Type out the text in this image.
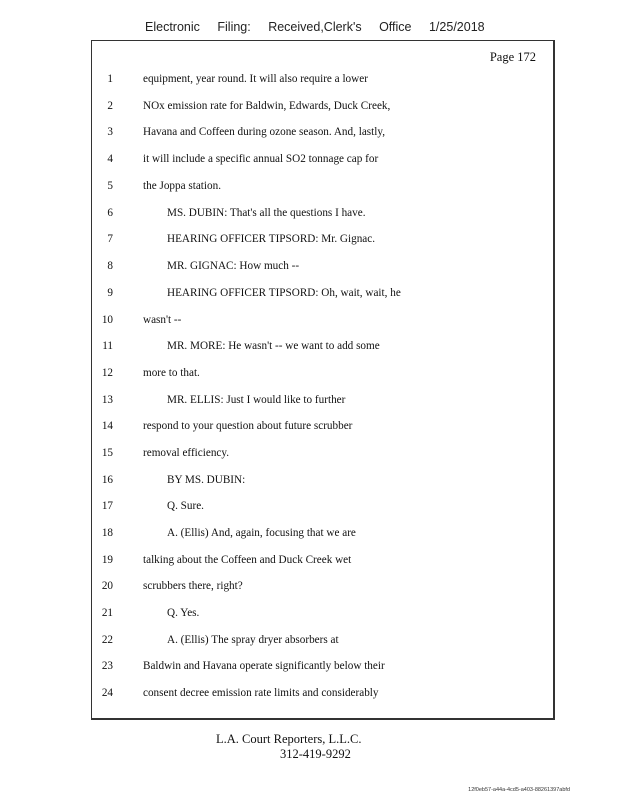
Electronic Filing: Received,Clerk's Office 1/25/2018
Page 172
1	equipment, year round. It will also require a lower
2	NOx emission rate for Baldwin, Edwards, Duck Creek,
3	Havana and Coffeen during ozone season. And, lastly,
4	it will include a specific annual SO2 tonnage cap for
5	the Joppa station.
6	MS. DUBIN: That's all the questions I have.
7	HEARING OFFICER TIPSORD: Mr. Gignac.
8	MR. GIGNAC: How much --
9	HEARING OFFICER TIPSORD: Oh, wait, wait, he
10	wasn't --
11	MR. MORE: He wasn't -- we want to add some
12	more to that.
13	MR. ELLIS: Just I would like to further
14	respond to your question about future scrubber
15	removal efficiency.
16	BY MS. DUBIN:
17	Q. Sure.
18	A. (Ellis) And, again, focusing that we are
19	talking about the Coffeen and Duck Creek wet
20	scrubbers there, right?
21	Q. Yes.
22	A. (Ellis) The spray dryer absorbers at
23	Baldwin and Havana operate significantly below their
24	consent decree emission rate limits and considerably
L.A. Court Reporters, L.L.C.
312-419-9292
12f0eb57-a44a-4cd5-a403-88261397abfd
